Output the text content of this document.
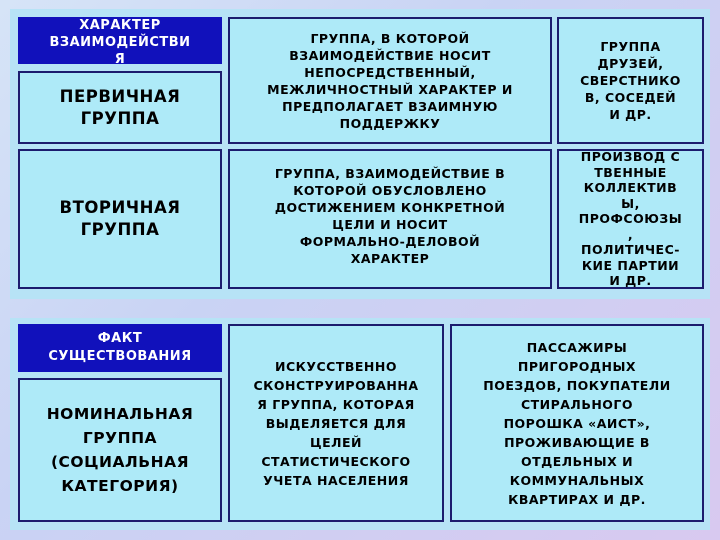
ХАРАКТЕР ВЗАИМОДЕЙСТВИ
Я
ПЕРВИЧНАЯ
ГРУППА
ГРУППА, В КОТОРОЙ
ВЗАИМОДЕЙСТВИЕ НОСИТ
НЕПОСРЕДСТВЕННЫЙ,
МЕЖЛИЧНОСТНЫЙ ХАРАКТЕР И
ПРЕДПОЛАГАЕТ ВЗАИМНУЮ
ПОДДЕРЖКУ
ГРУППА
ДРУЗЕЙ,
СВЕРСТНИКО
В, СОСЕДЕЙ
И ДР.
ВТОРИЧНАЯ
ГРУППА
ГРУППА, ВЗАИМОДЕЙСТВИЕ В
КОТОРОЙ ОБУСЛОВЛЕНО
ДОСТИЖЕНИЕМ КОНКРЕТНОЙ
ЦЕЛИ И НОСИТ
ФОРМАЛЬНО-ДЕЛОВОЙ
ХАРАКТЕР
ПРОИЗВОД С
ТВЕННЫЕ
КОЛЛЕКТИВ
Ы,
ПРОФСОЮЗЫ
,
ПОЛИТИЧЕС-
КИЕ ПАРТИИ
И ДР.
ФАКТ
СУЩЕСТВОВАНИЯ
НОМИНАЛЬНАЯ
ГРУППА
(СОЦИАЛЬНАЯ
КАТЕГОРИЯ)
ИСКУССТВЕННО
СКОНСТРУИРОВАННА
Я ГРУППА, КОТОРАЯ
ВЫДЕЛЯЕТСЯ ДЛЯ
ЦЕЛЕЙ
СТАТИСТИЧЕСКОГО
УЧЕТА НАСЕЛЕНИЯ
ПАССАЖИРЫ
ПРИГОРОДНЫХ
ПОЕЗДОВ, ПОКУПАТЕЛИ
СТИРАЛЬНОГО
ПОРОШКА «АИСТ»,
ПРОЖИВАЮЩИЕ В
ОТДЕЛЬНЫХ И
КОММУНАЛЬНЫХ
КВАРТИРАХ И ДР.
